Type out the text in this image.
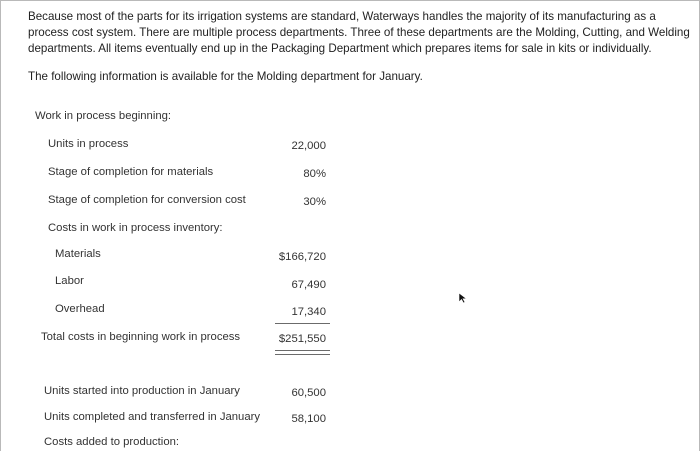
Because most of the parts for its irrigation systems are standard, Waterways handles the majority of its manufacturing as a process cost system. There are multiple process departments. Three of these departments are the Molding, Cutting, and Welding departments. All items eventually end up in the Packaging Department which prepares items for sale in kits or individually.
The following information is available for the Molding department for January.
Work in process beginning:
Units in process	22,000
Stage of completion for materials	80%
Stage of completion for conversion cost	30%
Costs in work in process inventory:
Materials	$166,720
Labor	67,490
Overhead	17,340
Total costs in beginning work in process	$251,550
Units started into production in January	60,500
Units completed and transferred in January	58,100
Costs added to production:
